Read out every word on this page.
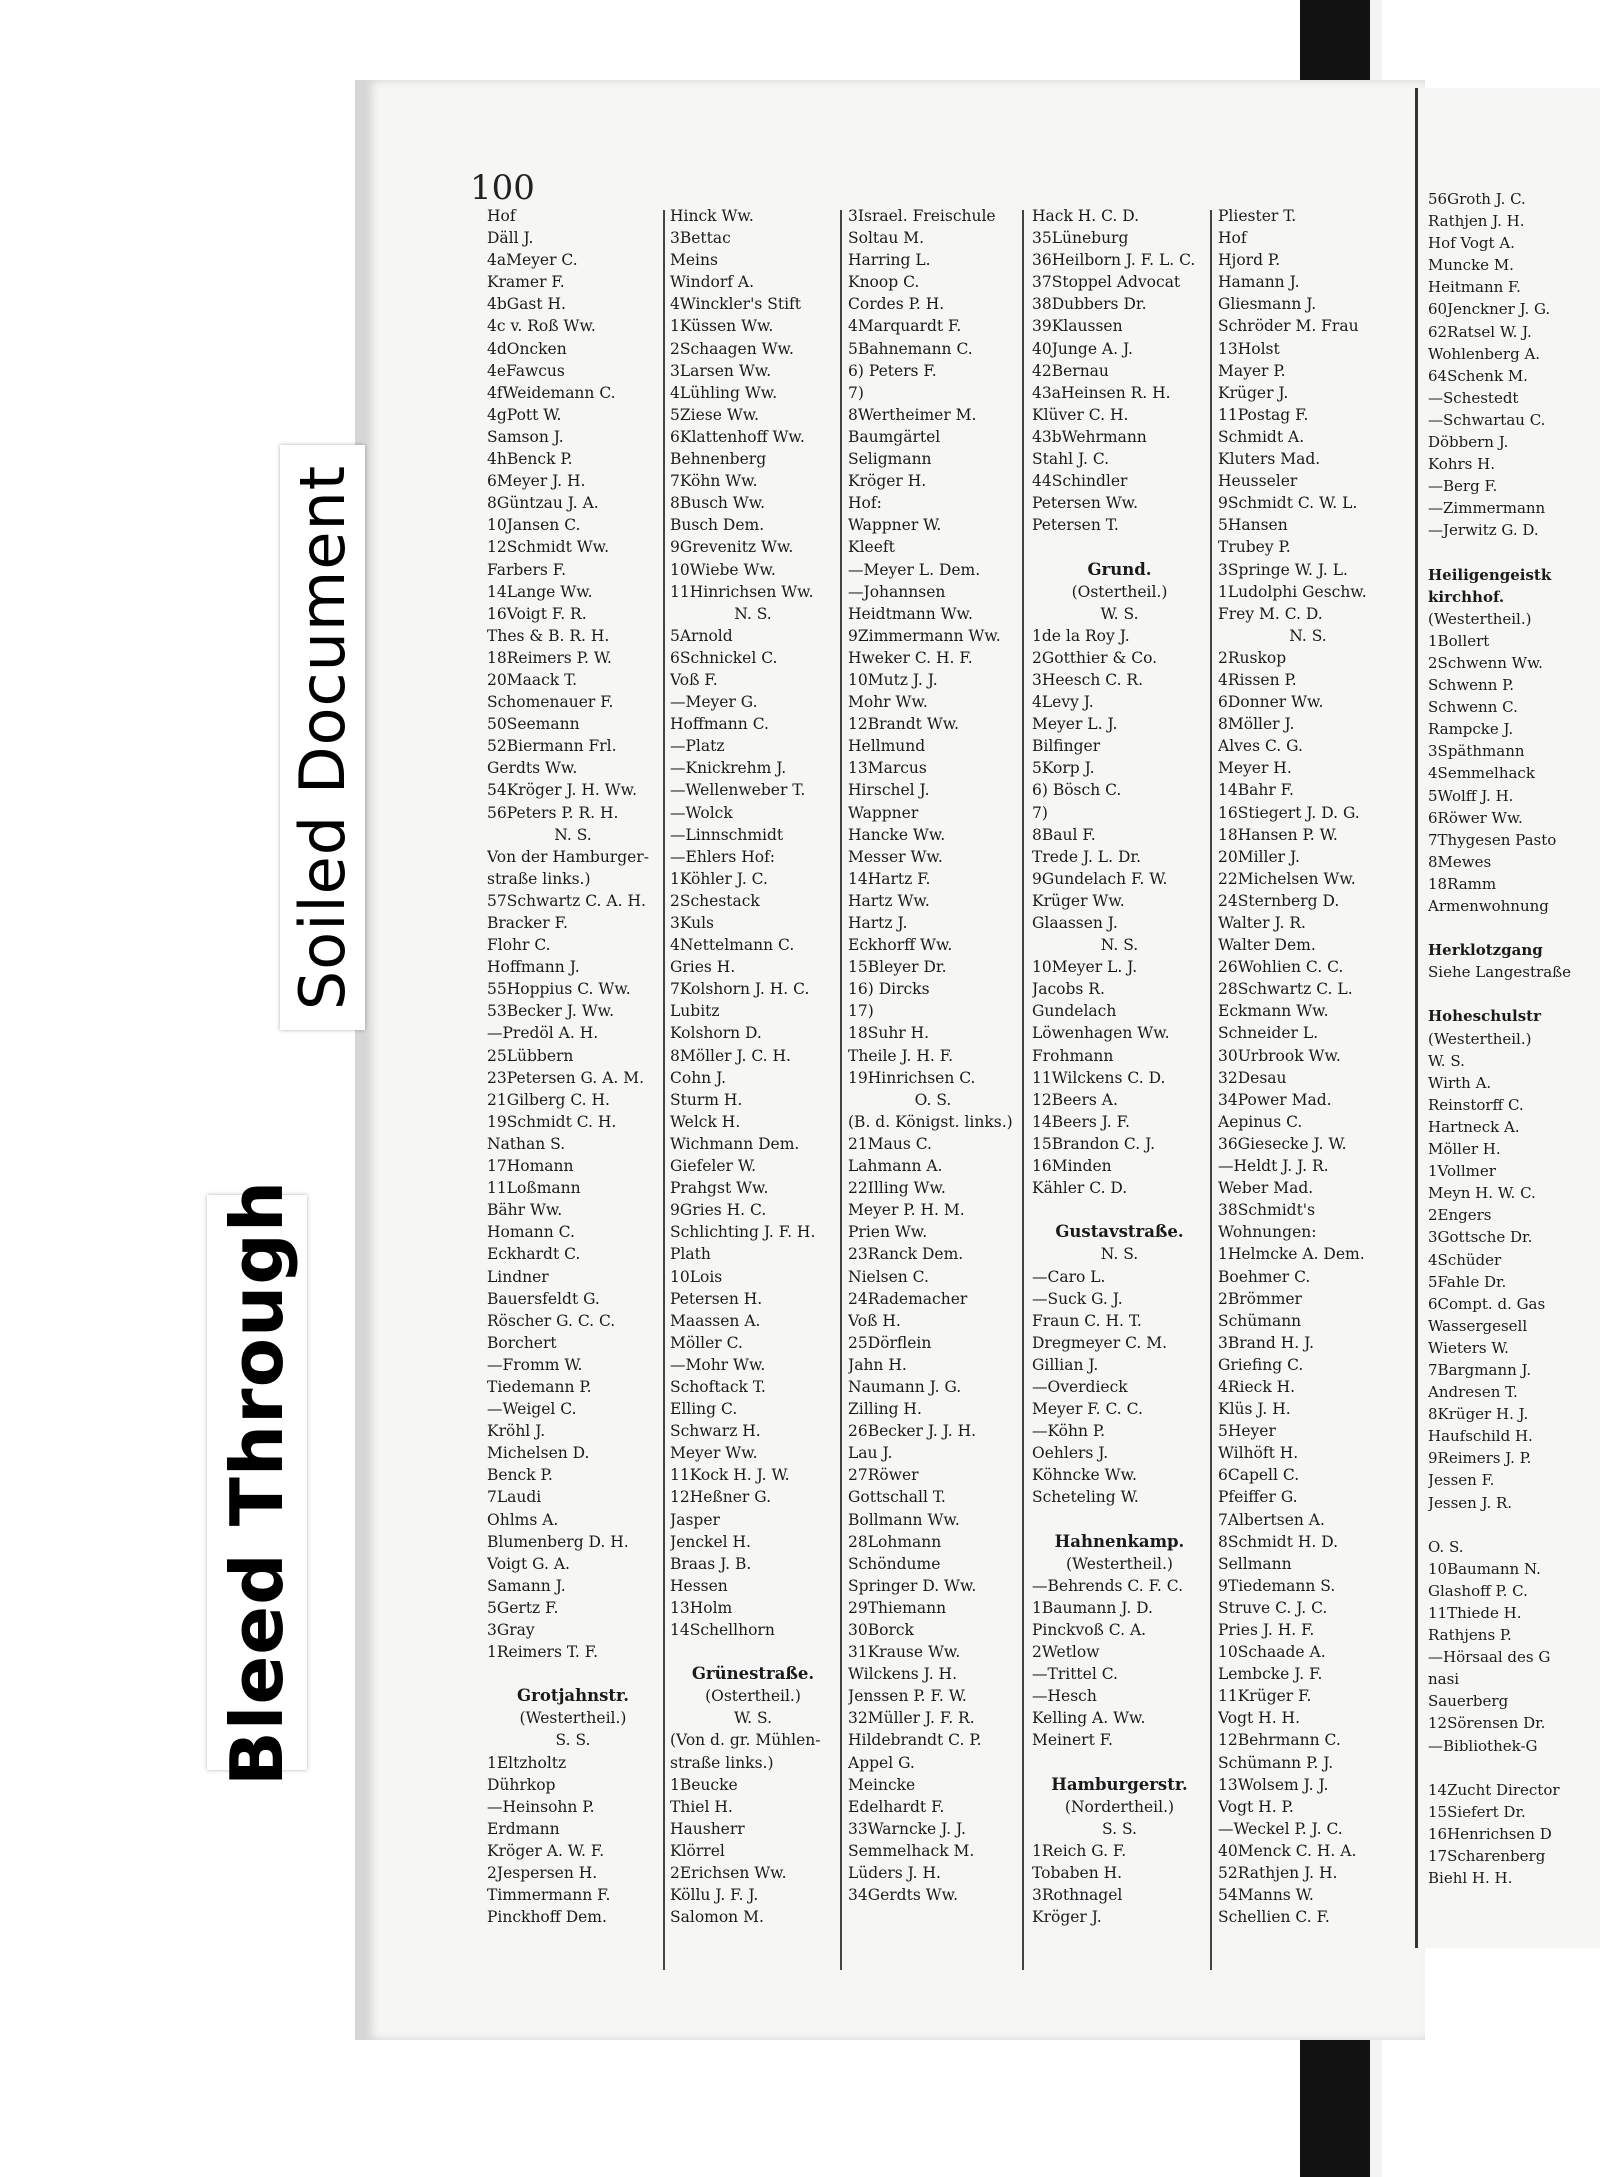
56Groth J. C.
Rathjen J. H.
Hof Vogt A.
Muncke M.
Heitmann F.
60Jenckner J. G.
62Ratsel W. J.
Wohlenberg A.
64Schenk M.
—Schestedt
—Schwartau C.
Döbbern J.
Kohrs H.
—Berg F.
—Zimmermann
—Jerwitz G. D.
Heiligengeistk
kirchhof.
(Westertheil.)
1Bollert
2Schwenn Ww.
Schwenn P.
Schwenn C.
Rampcke J.
3Späthmann
4Semmelhack
5Wolff J. H.
6Röwer Ww.
7Thygesen Pasto
8Mewes
18Ramm
Armenwohnung
Herklotzgang
Siehe Langestraße
Hoheschulstr
(Westertheil.)
W. S.
Wirth A.
Reinstorff C.
Hartneck A.
Möller H.
1Vollmer
Meyn H. W. C.
2Engers
3Gottsche Dr.
4Schüder
5Fahle Dr.
6Compt. d. Gas
Wassergesell
Wieters W.
7Bargmann J.
Andresen T.
8Krüger H. J.
Haufschild H.
9Reimers J. P.
Jessen F.
Jessen J. R.
O. S.
10Baumann N.
Glashoff P. C.
11Thiede H.
Rathjens P.
—Hörsaal des G
nasi
Sauerberg
12Sörensen Dr.
—Bibliothek-G
14Zucht Director
15Siefert Dr.
16Henrichsen D
17Scharenberg
Biehl H. H.
100
Hof
Däll J.
4aMeyer C.
Kramer F.
4bGast H.
4c v. Roß Ww.
4dOncken
4eFawcus
4fWeidemann C.
4gPott W.
Samson J.
4hBenck P.
6Meyer J. H.
8Güntzau J. A.
10Jansen C.
12Schmidt Ww.
Farbers F.
14Lange Ww.
16Voigt F. R.
Thes & B. R. H.
18Reimers P. W.
20Maack T.
Schomenauer F.
50Seemann
52Biermann Frl.
Gerdts Ww.
54Kröger J. H. Ww.
56Peters P. R. H.
N. S.
Von der Hamburger-
straße links.)
57Schwartz C. A. H.
Bracker F.
Flohr C.
Hoffmann J.
55Hoppius C. Ww.
53Becker J. Ww.
—Predöl A. H.
25Lübbern
23Petersen G. A. M.
21Gilberg C. H.
19Schmidt C. H.
Nathan S.
17Homann
11Loßmann
Bähr Ww.
Homann C.
Eckhardt C.
Lindner
Bauersfeldt G.
Röscher G. C. C.
Borchert
—Fromm W.
Tiedemann P.
—Weigel C.
Kröhl J.
Michelsen D.
Benck P.
7Laudi
Ohlms A.
Blumenberg D. H.
Voigt G. A.
Samann J.
5Gertz F.
3Gray
1Reimers T. F.
Grotjahnstr.
(Westertheil.)
S. S.
1Eltzholtz
Dührkop
—Heinsohn P.
Erdmann
Kröger A. W. F.
2Jespersen H.
Timmermann F.
Pinckhoff Dem.
Hinck Ww.
3Bettac
Meins
Windorf A.
4Winckler's Stift
1Küssen Ww.
2Schaagen Ww.
3Larsen Ww.
4Lühling Ww.
5Ziese Ww.
6Klattenhoff Ww.
Behnenberg
7Köhn Ww.
8Busch Ww.
Busch Dem.
9Grevenitz Ww.
10Wiebe Ww.
11Hinrichsen Ww.
N. S.
5Arnold
6Schnickel C.
Voß F.
—Meyer G.
Hoffmann C.
—Platz
—Knickrehm J.
—Wellenweber T.
—Wolck
—Linnschmidt
—Ehlers Hof:
1Köhler J. C.
2Schestack
3Kuls
4Nettelmann C.
Gries H.
7Kolshorn J. H. C.
Lubitz
Kolshorn D.
8Möller J. C. H.
Cohn J.
Sturm H.
Welck H.
Wichmann Dem.
Giefeler W.
Prahgst Ww.
9Gries H. C.
Schlichting J. F. H.
Plath
10Lois
Petersen H.
Maassen A.
Möller C.
—Mohr Ww.
Schoftack T.
Elling C.
Schwarz H.
Meyer Ww.
11Kock H. J. W.
12Heßner G.
Jasper
Jenckel H.
Braas J. B.
Hessen
13Holm
14Schellhorn
Grünestraße.
(Ostertheil.)
W. S.
(Von d. gr. Mühlen-
straße links.)
1Beucke
Thiel H.
Hausherr
Klörrel
2Erichsen Ww.
Köllu J. F. J.
Salomon M.
3Israel. Freischule
Soltau M.
Harring L.
Knoop C.
Cordes P. H.
4Marquardt F.
5Bahnemann C.
6) Peters F.
7)
8Wertheimer M.
Baumgärtel
Seligmann
Kröger H.
Hof:
Wappner W.
Kleeft
—Meyer L. Dem.
—Johannsen
Heidtmann Ww.
9Zimmermann Ww.
Hweker C. H. F.
10Mutz J. J.
Mohr Ww.
12Brandt Ww.
Hellmund
13Marcus
Hirschel J.
Wappner
Hancke Ww.
Messer Ww.
14Hartz F.
Hartz Ww.
Hartz J.
Eckhorff Ww.
15Bleyer Dr.
16) Dircks
17)
18Suhr H.
Theile J. H. F.
19Hinrichsen C.
O. S.
(B. d. Königst. links.)
21Maus C.
Lahmann A.
22Illing Ww.
Meyer P. H. M.
Prien Ww.
23Ranck Dem.
Nielsen C.
24Rademacher
Voß H.
25Dörflein
Jahn H.
Naumann J. G.
Zilling H.
26Becker J. J. H.
Lau J.
27Röwer
Gottschall T.
Bollmann Ww.
28Lohmann
Schöndume
Springer D. Ww.
29Thiemann
30Borck
31Krause Ww.
Wilckens J. H.
Jenssen P. F. W.
32Müller J. F. R.
Hildebrandt C. P.
Appel G.
Meincke
Edelhardt F.
33Warncke J. J.
Semmelhack M.
Lüders J. H.
34Gerdts Ww.
Hack H. C. D.
35Lüneburg
36Heilborn J. F. L. C.
37Stoppel Advocat
38Dubbers Dr.
39Klaussen
40Junge A. J.
42Bernau
43aHeinsen R. H.
Klüver C. H.
43bWehrmann
Stahl J. C.
44Schindler
Petersen Ww.
Petersen T.
Grund.
(Ostertheil.)
W. S.
1de la Roy J.
2Gotthier & Co.
3Heesch C. R.
4Levy J.
Meyer L. J.
Bilfinger
5Korp J.
6) Bösch C.
7)
8Baul F.
Trede J. L. Dr.
9Gundelach F. W.
Krüger Ww.
Glaassen J.
N. S.
10Meyer L. J.
Jacobs R.
Gundelach
Löwenhagen Ww.
Frohmann
11Wilckens C. D.
12Beers A.
14Beers J. F.
15Brandon C. J.
16Minden
Kähler C. D.
Gustavstraße.
N. S.
—Caro L.
—Suck G. J.
Fraun C. H. T.
Dregmeyer C. M.
Gillian J.
—Overdieck
Meyer F. C. C.
—Köhn P.
Oehlers J.
Köhncke Ww.
Scheteling W.
Hahnenkamp.
(Westertheil.)
—Behrends C. F. C.
1Baumann J. D.
Pinckvoß C. A.
2Wetlow
—Trittel C.
—Hesch
Kelling A. Ww.
Meinert F.
Hamburgerstr.
(Nordertheil.)
S. S.
1Reich G. F.
Tobaben H.
3Rothnagel
Kröger J.
Pliester T.
Hof
Hjord P.
Hamann J.
Gliesmann J.
Schröder M. Frau
13Holst
Mayer P.
Krüger J.
11Postag F.
Schmidt A.
Kluters Mad.
Heusseler
9Schmidt C. W. L.
5Hansen
Trubey P.
3Springe W. J. L.
1Ludolphi Geschw.
Frey M. C. D.
N. S.
2Ruskop
4Rissen P.
6Donner Ww.
8Möller J.
Alves C. G.
Meyer H.
14Bahr F.
16Stiegert J. D. G.
18Hansen P. W.
20Miller J.
22Michelsen Ww.
24Sternberg D.
Walter J. R.
Walter Dem.
26Wohlien C. C.
28Schwartz C. L.
Eckmann Ww.
Schneider L.
30Urbrook Ww.
32Desau
34Power Mad.
Aepinus C.
36Giesecke J. W.
—Heldt J. J. R.
Weber Mad.
38Schmidt's
Wohnungen:
1Helmcke A. Dem.
Boehmer C.
2Brömmer
Schümann
3Brand H. J.
Griefing C.
4Rieck H.
Klüs J. H.
5Heyer
Wilhöft H.
6Capell C.
Pfeiffer G.
7Albertsen A.
8Schmidt H. D.
Sellmann
9Tiedemann S.
Struve C. J. C.
Pries J. H. F.
10Schaade A.
Lembcke J. F.
11Krüger F.
Vogt H. H.
12Behrmann C.
Schümann P. J.
13Wolsem J. J.
Vogt H. P.
—Weckel P. J. C.
40Menck C. H. A.
52Rathjen J. H.
54Manns W.
Schellien C. F.
Soiled Document
Bleed Through
